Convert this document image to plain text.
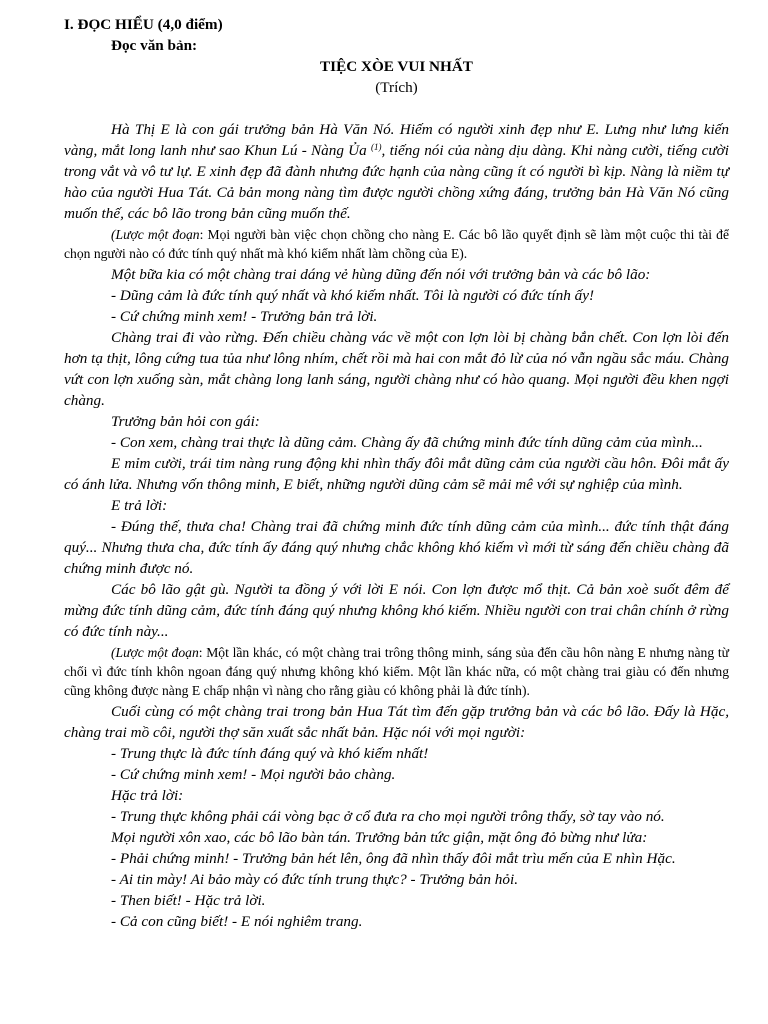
I. ĐỌC HIỂU (4,0 điểm)

Đọc văn bản:

TIỆC XÒE VUI NHẤT

(Trích)

Hà Thị E là con gái trưởng bản Hà Văn Nó. Hiếm có người xinh đẹp như E. Lưng như lưng kiến vàng, mắt long lanh như sao Khun Lú - Nàng Ủa $^{(1)}$, tiếng nói của nàng dịu dàng. Khi nàng cười, tiếng cười trong vắt và vô tư lự. E xinh đẹp đã đành nhưng đức hạnh của nàng cũng ít có người bì kịp. Nàng là niềm tự hào của người Hua Tát. Cả bản mong nàng tìm được người chồng xứng đáng, trưởng bản Hà Văn Nó cũng muốn thế, các bô lão trong bản cũng muốn thế.

(Lược một đoạn: Mọi người bàn việc chọn chồng cho nàng E. Các bô lão quyết định sẽ làm một cuộc thi tài để chọn người nào có đức tính quý nhất mà khó kiếm nhất làm chồng của E).

Một bữa kia có một chàng trai dáng vẻ hùng dũng đến nói với trưởng bản và các bô lão:

- Dũng cảm là đức tính quý nhất và khó kiếm nhất. Tôi là người có đức tính ấy!

- Cứ chứng minh xem! - Trưởng bản trả lời.

Chàng trai đi vào rừng. Đến chiều chàng vác về một con lợn lòi bị chàng bắn chết. Con lợn lòi đến hơn tạ thịt, lông cứng tua tủa như lông nhím, chết rồi mà hai con mắt đỏ lừ của nó vẫn ngầu sắc máu. Chàng vứt con lợn xuống sàn, mắt chàng long lanh sáng, người chàng như có hào quang. Mọi người đều khen ngợi chàng.

Trưởng bản hỏi con gái:

- Con xem, chàng trai thực là dũng cảm. Chàng ấy đã chứng minh đức tính dũng cảm của mình...

E mỉm cười, trái tim nàng rung động khi nhìn thấy đôi mắt dũng cảm của người cầu hôn. Đôi mắt ấy có ánh lửa. Nhưng vốn thông minh, E biết, những người dũng cảm sẽ mải mê với sự nghiệp của mình.

E trả lời:

- Đúng thế, thưa cha! Chàng trai đã chứng minh đức tính dũng cảm của mình... đức tính thật đáng quý... Nhưng thưa cha, đức tính ấy đáng quý nhưng chắc không khó kiếm vì mới từ sáng đến chiều chàng đã chứng minh được nó.

Các bô lão gật gù. Người ta đồng ý với lời E nói. Con lợn được mổ thịt. Cả bản xoè suốt đêm để mừng đức tính dũng cảm, đức tính đáng quý nhưng không khó kiếm. Nhiều người con trai chân chính ở rừng có đức tính này...

(Lược một đoạn: Một lần khác, có một chàng trai trông thông minh, sáng sủa đến cầu hôn nàng E nhưng nàng từ chối vì đức tính khôn ngoan đáng quý nhưng không khó kiếm. Một lần khác nữa, có một chàng trai giàu có đến nhưng cũng không được nàng E chấp nhận vì nàng cho rằng giàu có không phải là đức tính).

Cuối cùng có một chàng trai trong bản Hua Tát tìm đến gặp trưởng bản và các bô lão. Đấy là Hặc, chàng trai mồ côi, người thợ săn xuất sắc nhất bản. Hặc nói với mọi người:

- Trung thực là đức tính đáng quý và khó kiếm nhất!

- Cứ chứng minh xem! - Mọi người bảo chàng.

Hặc trả lời:

- Trung thực không phải cái vòng bạc ở cổ đưa ra cho mọi người trông thấy, sờ tay vào nó.

Mọi người xôn xao, các bô lão bàn tán. Trưởng bản tức giận, mặt ông đỏ bừng như lửa:

- Phải chứng minh! - Trưởng bản hét lên, ông đã nhìn thấy đôi mắt trìu mến của E nhìn Hặc.

- Ai tin mày! Ai bảo mày có đức tính trung thực? - Trưởng bản hỏi.

- Then biết! - Hặc trả lời.

- Cả con cũng biết! - E nói nghiêm trang.
